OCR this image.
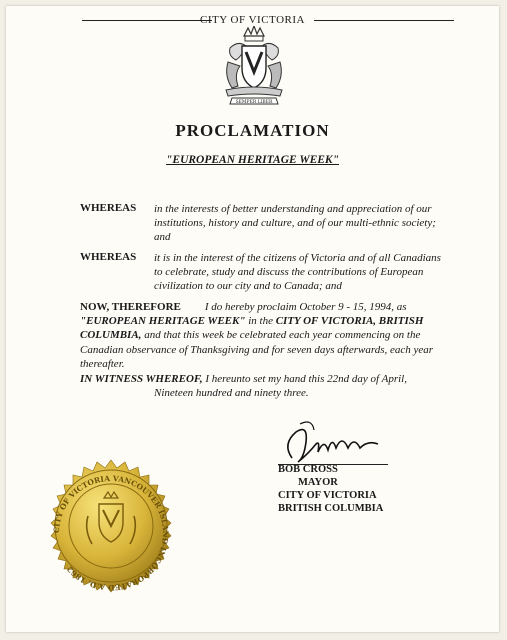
CITY OF VICTORIA
SEMPER LIBER
PROCLAMATION
"EUROPEAN HERITAGE WEEK"
WHEREAS in the interests of better understanding and appreciation of our
institutions, history and culture, and of our multi-ethnic society;
and
WHEREAS it is in the interest of the citizens of Victoria and of all Canadians
to celebrate, study and discuss the contributions of European
civilization to our city and to Canada; and
NOW, THEREFORE I do hereby proclaim October 9 - 15, 1994, as
"EUROPEAN HERITAGE WEEK" in the CITY OF VICTORIA, BRITISH
COLUMBIA, and that this week be celebrated each year commencing on the
Canadian observance of Thanksgiving and for seven days afterwards, each year
thereafter.
IN WITNESS WHEREOF, I hereunto set my hand this 22nd day of April,
Nineteen hundred and ninety three.
BOB CROSS
MAYOR
CITY OF VICTORIA
BRITISH COLUMBIA
CITY OF VICTORIA VANCOUVER ISLAND INCORPORATED A.D. 1862
